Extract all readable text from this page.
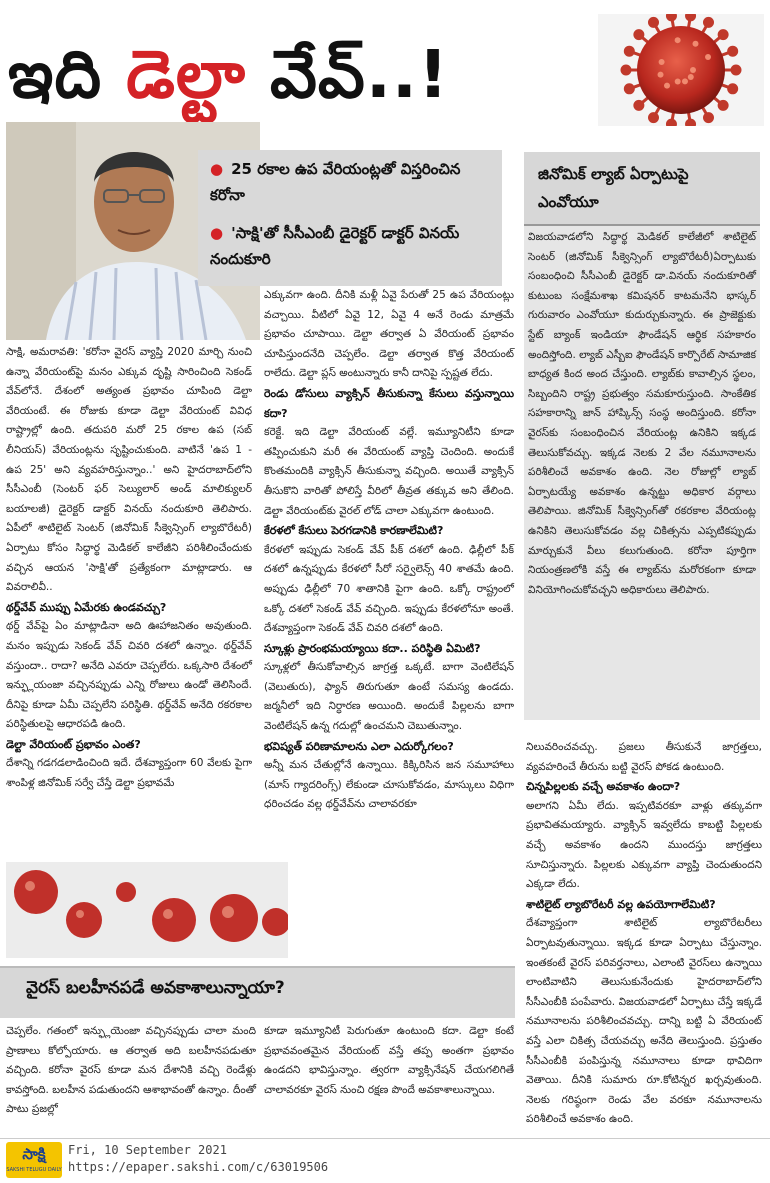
ఇది డెల్టా వేవ్..!
● 25 రకాల ఉప వేరియంట్లతో విస్తరించిన కరోనా
● 'సాక్షి'తో సీసీఎంబీ డైరెక్టర్ డాక్టర్ వినయ్ నందుకూరి
జినోమిక్ ల్యాబ్ ఏర్పాటుపై ఎంవోయూ

విజయవాడలోని సిద్ధార్థ మెడికల్ కాలేజీలో శాటిలైట్ సెంటర్ (జినోమిక్ సీక్వెన్సింగ్ ల్యాబొరేటరీ)ఏర్పాటుకు సంబంధించి సీసీఎంబీ డైరెక్టర్ డా.వినయ్ నందుకూరితో కుటుంబ సంక్షేమశాఖ కమిషనర్ కాటమనేని భాస్కర్ గురువారం ఎంవోయూ కుదుర్చుకున్నారు. ఈ ప్రాజెక్టుకు స్టేట్ బ్యాంక్ ఇండియా ఫౌండేషన్ ఆర్థిక సహకారం అందిస్తోంది. ల్యాబ్ ఎస్బీఐ ఫౌండేషన్ కార్పొరేట్ సామాజిక బాధ్యత కింద అంద చేస్తుంది. ల్యాబ్‌కు కావాల్సిన స్థలం, సిబ్బందిని రాష్ట్ర ప్రభుత్వం సమకూరుస్తుంది. సాంకేతిక సహకారాన్ని జాన్ హాప్కిన్స్ సంస్థ అందిస్తుంది. కరోనా వైరస్‌కు సంబంధించిన వేరియంట్ల ఉనికిని ఇక్కడ తెలుసుకోవచ్చు. ఇక్కడ నెలకు 2 వేల నమూనాలను పరిశీలించే అవకాశం ఉంది. నెల రోజుల్లో ల్యాబ్ ఏర్పాటయ్యే అవకాశం ఉన్నట్టు అధికార వర్గాలు తెలిపాయి. జినోమిక్ సీక్వెన్సింగ్‌తో రకరకాల వేరియంట్ల ఉనికిని తెలుసుకోవడం వల్ల చికిత్సను ఎప్పటికప్పుడు మార్చుకునే వీలు కలుగుతుంది. కరోనా పూర్తిగా నియంత్రణలోకి వస్తే ఈ ల్యాబ్‌ను మరోరకంగా కూడా వినియోగించుకోవచ్చని అధికారులు తెలిపారు.

సాక్షి, అమరావతి: 'కరోనా వైరస్ వ్యాప్తి 2020 మార్చి నుంచి ఉన్నా వేరియంట్‌పై మనం ఎక్కువ దృష్టి సారించింది సెకండ్ వేవ్‌లోనే. దేశంలో అత్యంత ప్రభావం చూపింది డెల్టా వేరియంటే. ఈ రోజుకు కూడా డెల్టా వేరియంట్ వివిధ రాష్ట్రాల్లో ఉంది. తదుపరి మరో 25 రకాల ఉప (సబ్ లీనియస్) వేరియంట్లను సృష్టించుకుంది. వాటినే 'ఉప 1 - ఉప 25' అని వ్యవహరిస్తున్నాం..' అని హైదరాబాద్‌లోని సీసీఎంబీ (సెంటర్ ఫర్ సెల్యులార్ అండ్ మాలిక్యులర్ బయాలజీ) డైరెక్టర్ డాక్టర్ వినయ్ నందుకూరి తెలిపారు. ఏపీలో శాటిలైట్ సెంటర్ (జినోమిక్ సీక్వెన్సింగ్ ల్యాబొరేటరీ) ఏర్పాటు కోసం సిద్ధార్థ మెడికల్ కాలేజీని పరిశీలించేందుకు వచ్చిన ఆయన 'సాక్షి'తో ప్రత్యేకంగా మాట్లాడారు. ఆ వివరాలివీ..

థర్డ్‌వేవ్ ముప్పు ఏమేరకు ఉండవచ్చు?

థర్డ్ వేవ్‌పై ఏం మాట్లాడినా అది ఊహాజనితం అవుతుంది. మనం ఇప్పుడు సెకండ్ వేవ్ చివరి దశలో ఉన్నాం. థర్డ్‌వేవ్ వస్తుందా.. రాదా? అనేది ఎవరూ చెప్పలేరు. ఒక్కసారి దేశంలో ఇన్ఫ్లుయంజా వచ్చినప్పుడు ఎన్ని రోజులు ఉండో తెలిసిందే. దీనిపై కూడా ఏమీ చెప్పలేని పరిస్థితి. థర్డ్‌వేవ్ అనేది రకరకాల పరిస్థితులపై ఆధారపడి ఉంది.

డెల్టా వేరియంట్ ప్రభావం ఎంత?

దేశాన్ని గడగడలాడించింది ఇదే. దేశవ్యాప్తంగా 60 వేలకు పైగా శాంపిళ్ల జినోమిక్ సర్వే చేస్తే డెల్టా ప్రభావమే

ఎక్కువగా ఉంది. దీనికి మళ్లీ ఏవై పేరుతో 25 ఉప వేరియంట్లు వచ్చాయి. వీటిలో ఏవై 12, ఏవై 4 అనే రెండు మాత్రమే ప్రభావం చూపాయి. డెల్టా తర్వాత ఏ వేరియంట్ ప్రభావం చూపిస్తుందనేది చెప్పలేం. డెల్టా తర్వాత కొత్త వేరియంట్ రాలేదు. డెల్టా ప్లస్ అంటున్నారు కానీ దానిపై స్పష్టత లేదు.

రెండు డోసులు వ్యాక్సిన్ తీసుకున్నా కేసులు వస్తున్నాయి కదా?

కరెక్టే. ఇది డెల్టా వేరియంట్ వల్లే. ఇమ్యూనిటీని కూడా తప్పించుకుని మరీ ఈ వేరియంట్ వ్యాప్తి చెందింది. అందుకే కొంతమందికి వ్యాక్సిన్ తీసుకున్నా వచ్చింది. అయితే వ్యాక్సిన్ తీసుకొని వారితో పోలిస్తే వీరిలో తీవ్రత తక్కువ అని తేలింది. డెల్టా వేరియంట్‌కు వైరల్ లోడ్ చాలా ఎక్కువగా ఉంటుంది.

కేరళలో కేసులు పెరగడానికి కారణాలేమిటి?

కేరళలో ఇప్పుడు సెకండ్ వేవ్ పీక్ దశలో ఉంది. ఢిల్లీలో పీక్ దశలో ఉన్నప్పుడు కేరళలో సీరో సర్వైలెన్స్ 40 శాతమే ఉంది. అప్పుడు ఢిల్లీలో 70 శాతానికి పైగా ఉంది. ఒక్కో రాష్ట్రంలో ఒక్కో దశలో సెకండ్ వేవ్ వచ్చింది. ఇప్పుడు కేరళలోనూ అంతే. దేశవ్యాప్తంగా సెకండ్ వేవ్ చివరి దశలో ఉంది.

స్కూళ్లు ప్రారంభమయ్యాయి కదా.. పరిస్థితి ఏమిటి?

స్కూళ్లలో తీసుకోవాల్సిన జాగ్రత్త ఒక్కటే. బాగా వెంటిలేషన్ (వెలుతురు), ఫ్యాన్ తిరుగుతూ ఉంటే సమస్య ఉండదు. జర్మనీలో ఇది నిర్ధారణ అయింది. అందుకే పిల్లలను బాగా వెంటిలేషన్ ఉన్న గదుల్లో ఉంచమని చెబుతున్నాం.

భవిష్యత్ పరిణామాలను ఎలా ఎదుర్కోగలం?

అన్నీ మన చేతుల్లోనే ఉన్నాయి. కిక్కిరిసిన జన సమూహాలు (మాస్ గ్యాదరింగ్స్) లేకుండా చూసుకోవడం, మాస్కులు విధిగా ధరించడం వల్ల థర్డ్‌వేవ్‌ను చాలావరకూ

నిలువరించవచ్చు. ప్రజలు తీసుకునే జాగ్రత్తలు, వ్యవహరించే తీరును బట్టి వైరస్ పోకడ ఉంటుంది.

చిన్నపిల్లలకు వచ్చే అవకాశం ఉందా?

అలాగని ఏమీ లేదు. ఇప్పటివరకూ వాళ్లు తక్కువగా ప్రభావితమయ్యారు. వ్యాక్సిన్ ఇవ్వలేదు కాబట్టి పిల్లలకు వచ్చే అవకాశం ఉందని ముందస్తు జాగ్రత్తలు సూచిస్తున్నారు. పిల్లలకు ఎక్కువగా వ్యాప్తి చెందుతుందని ఎక్కడా లేదు.

శాటిలైట్ ల్యాబొరేటరీ వల్ల ఉపయోగాలేమిటి?

దేశవ్యాప్తంగా శాటిలైట్ ల్యాబొరేటరీలు ఏర్పాటవుతున్నాయి. ఇక్కడ కూడా ఏర్పాటు చేస్తున్నాం. ఇంతకంటే వైరస్ పరివర్తనాలు, ఎలాంటి వైరస్‌లు ఉన్నాయి లాంటివాటిని తెలుసుకునేందుకు హైదరాబాద్‌లోని సీసీఎంబీకి పంపేవారు. విజయవాడలో ఏర్పాటు చేస్తే ఇక్కడే నమూనాలను పరిశీలించవచ్చు. దాన్ని బట్టి ఏ వేరియంట్ వస్తే ఎలా చికిత్స చేయవచ్చు అనేది తెలుస్తుంది. ప్రస్తుతం సీసీఎంబీకి పంపిస్తున్న నమూనాలు కూడా థావిదిగా వెతాయి. దీనికి సుమారు రూ.కోటిన్నర ఖర్చవుతుంది. నెలకు గరిష్ఠంగా రెండు వేల వరకూ నమూనాలను పరిశీలించే అవకాశం ఉంది.

వైరస్ బలహీనపడే అవకాశాలున్నాయా?

చెప్పలేం. గతంలో ఇన్ఫ్లుయెంజా వచ్చినప్పుడు చాలా మంది ప్రాణాలు కోల్పోయారు. ఆ తర్వాత అది బలహీనపడుతూ వచ్చింది. కరోనా వైరస్ కూడా మన దేశానికి వచ్చి రెండేళ్లు కావస్తోంది. బలహీన పడుతుందని ఆశాభావంతో ఉన్నాం. దీంతో పాటు ప్రజల్లో

కూడా ఇమ్యూనిటీ పెరుగుతూ ఉంటుంది కదా. డెల్టా కంటే ప్రభావవంతమైన వేరియంట్ వస్తే తప్ప అంతగా ప్రభావం ఉండదని భావిస్తున్నాం. త్వరగా వ్యాక్సినేషన్ చేయగలిగితే చాలావరకూ వైరస్ నుంచి రక్షణ పొందే అవకాశాలున్నాయి.

సాక్షి
SAKSHI TELUGU DAILY
Fri, 10 September 2021
https://epaper.sakshi.com/c/63019506
